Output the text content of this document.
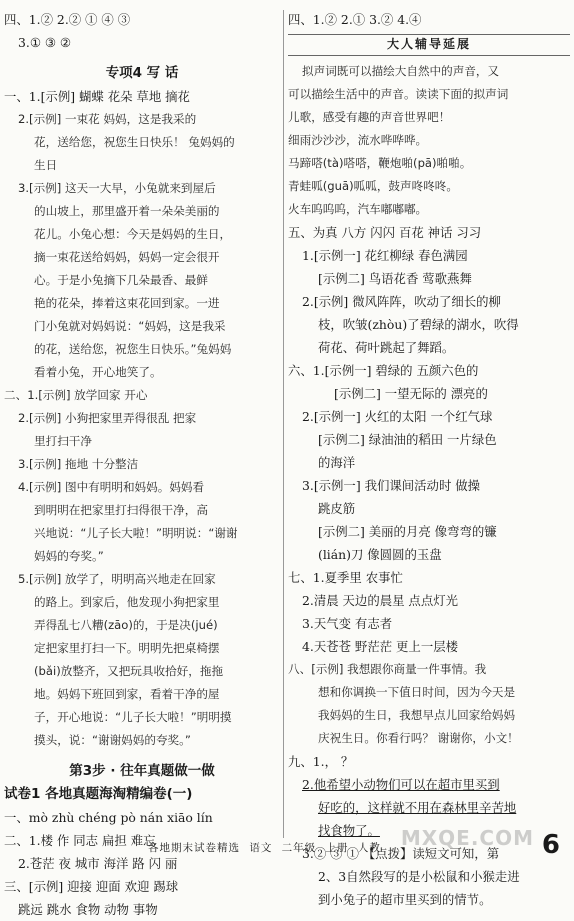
四、1.② 2.② ① ④ ③
3.① ③ ②
专项4 写 话
一、1.[示例] 蝴蝶 花朵 草地 摘花
2.[示例] 一束花 妈妈，这是我采的
花，送给您，祝您生日快乐！ 兔妈妈的
生日
3.[示例] 这天一大早，小兔就来到屋后
的山坡上，那里盛开着一朵朵美丽的
花儿。小兔心想：今天是妈妈的生日，
摘一束花送给妈妈，妈妈一定会很开
心。于是小兔摘下几朵最香、最鲜
艳的花朵，捧着这束花回到家。一进
门小兔就对妈妈说：“妈妈，这是我采
的花，送给您，祝您生日快乐。”兔妈妈
看着小兔，开心地笑了。
二、1.[示例] 放学回家 开心
2.[示例] 小狗把家里弄得很乱 把家
里打扫干净
3.[示例] 拖地 十分整洁
4.[示例] 图中有明明和妈妈。妈妈看
到明明在把家里打扫得很干净，高
兴地说：“儿子长大啦！”明明说：“谢谢
妈妈的夸奖。”
5.[示例] 放学了，明明高兴地走在回家
的路上。到家后，他发现小狗把家里
弄得乱七八糟(zāo)的，于是决(jué)
定把家里打扫一下。明明先把桌椅摆
(bǎi)放整齐，又把玩具收拾好，拖拖
地。妈妈下班回到家，看着干净的屋
子，开心地说：“儿子长大啦！”明明摸
摸头，说：“谢谢妈妈的夸奖。”
第3步 · 往年真题做一做
试卷1 各地真题海淘精编卷(一)
一、mò zhù chéng pò nán xiāo lín
二、1.楼 作 同志 扁担 难忘
2.苍茫 夜 城市 海洋 路 闪 丽
三、[示例] 迎接 迎面 欢迎 踢球
跳远 跳水 食物 动物 事物
四、1.② 2.① 3.② 4.④
大人辅导延展
拟声词既可以描绘大自然中的声音，又
可以描绘生活中的声音。读读下面的拟声词
儿歌，感受有趣的声音世界吧！
细雨沙沙沙，流水哗哗哗。
马蹄嗒(tà)嗒嗒，鞭炮啪(pā)啪啪。
青蛙呱(guā)呱呱，鼓声咚咚咚。
火车呜呜呜，汽车嘟嘟嘟。
五、为真 八方 闪闪 百花 神话 习习
1.[示例一] 花红柳绿 春色满园
[示例二] 鸟语花香 莺歌燕舞
2.[示例] 微风阵阵，吹动了细长的柳
枝，吹皱(zhòu)了碧绿的湖水，吹得
荷花、荷叶跳起了舞蹈。
六、1.[示例一] 碧绿的 五颜六色的
[示例二] 一望无际的 漂亮的
2.[示例一] 火红的太阳 一个红气球
[示例二] 绿油油的稻田 一片绿色
的海洋
3.[示例一] 我们课间活动时 做操
跳皮筋
[示例二] 美丽的月亮 像弯弯的镰
(lián)刀 像圆圆的玉盘
七、1.夏季里 农事忙
2.清晨 天边的晨星 点点灯光
3.天气变 有志者
4.天苍苍 野茫茫 更上一层楼
八、[示例] 我想跟你商量一件事情。我
想和你调换一下值日时间，因为今天是
我妈妈的生日，我想早点儿回家给妈妈
庆祝生日。你看行吗？ 谢谢你，小文！
九、1.， ？
2.他希望小动物们可以在超市里买到
好吃的，这样就不用在森林里辛苦地
找食物了。
3.② ③ ① 【点拨】读短文可知，第
2、3自然段写的是小松鼠和小猴走进
到小兔子的超市里买到的情节。
各地期末试卷精选 语文 二年级 上册 人教	6
MXQE.COM
